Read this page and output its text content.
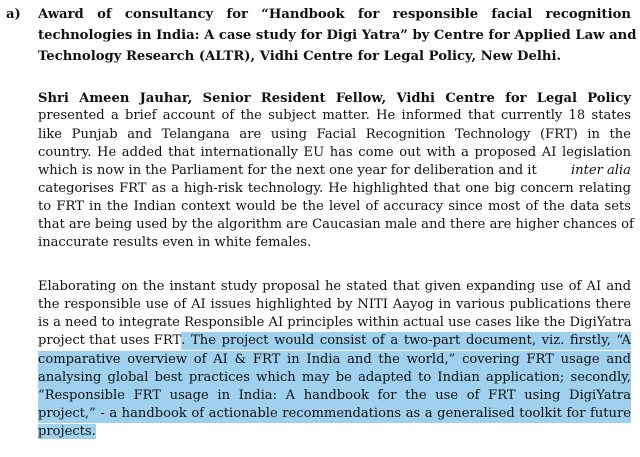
a) Award of consultancy for “Handbook for responsible facial recognition
technologies in India: A case study for Digi Yatra” by Centre for Applied Law and
Technology Research (ALTR), Vidhi Centre for Legal Policy, New Delhi.
Shri Ameen Jauhar, Senior Resident Fellow, Vidhi Centre for Legal Policy
presented a brief account of the subject matter. He informed that currently 18 states
like Punjab and Telangana are using Facial Recognition Technology (FRT) in the
country. He added that internationally EU has come out with a proposed AI legislation
which is now in the Parliament for the next one year for deliberation and it	inter alia
categorises FRT as a high-risk technology. He highlighted that one big concern relating
to FRT in the Indian context would be the level of accuracy since most of the data sets
that are being used by the algorithm are Caucasian male and there are higher chances of
inaccurate results even in white females.
Elaborating on the instant study proposal he stated that given expanding use of AI and
the responsible use of AI issues highlighted by NITI Aayog in various publications there
is a need to integrate Responsible AI principles within actual use cases like the DigiYatra
project that uses FRT . The project would consist of a two-part document, viz. firstly, “A
comparative overview of AI & FRT in India and the world,” covering FRT usage and
analysing global best practices which may be adapted to Indian application; secondly,
“Responsible FRT usage in India: A handbook for the use of FRT using DigiYatra
project,” - a handbook of actionable recommendations as a generalised toolkit for future
projects.
